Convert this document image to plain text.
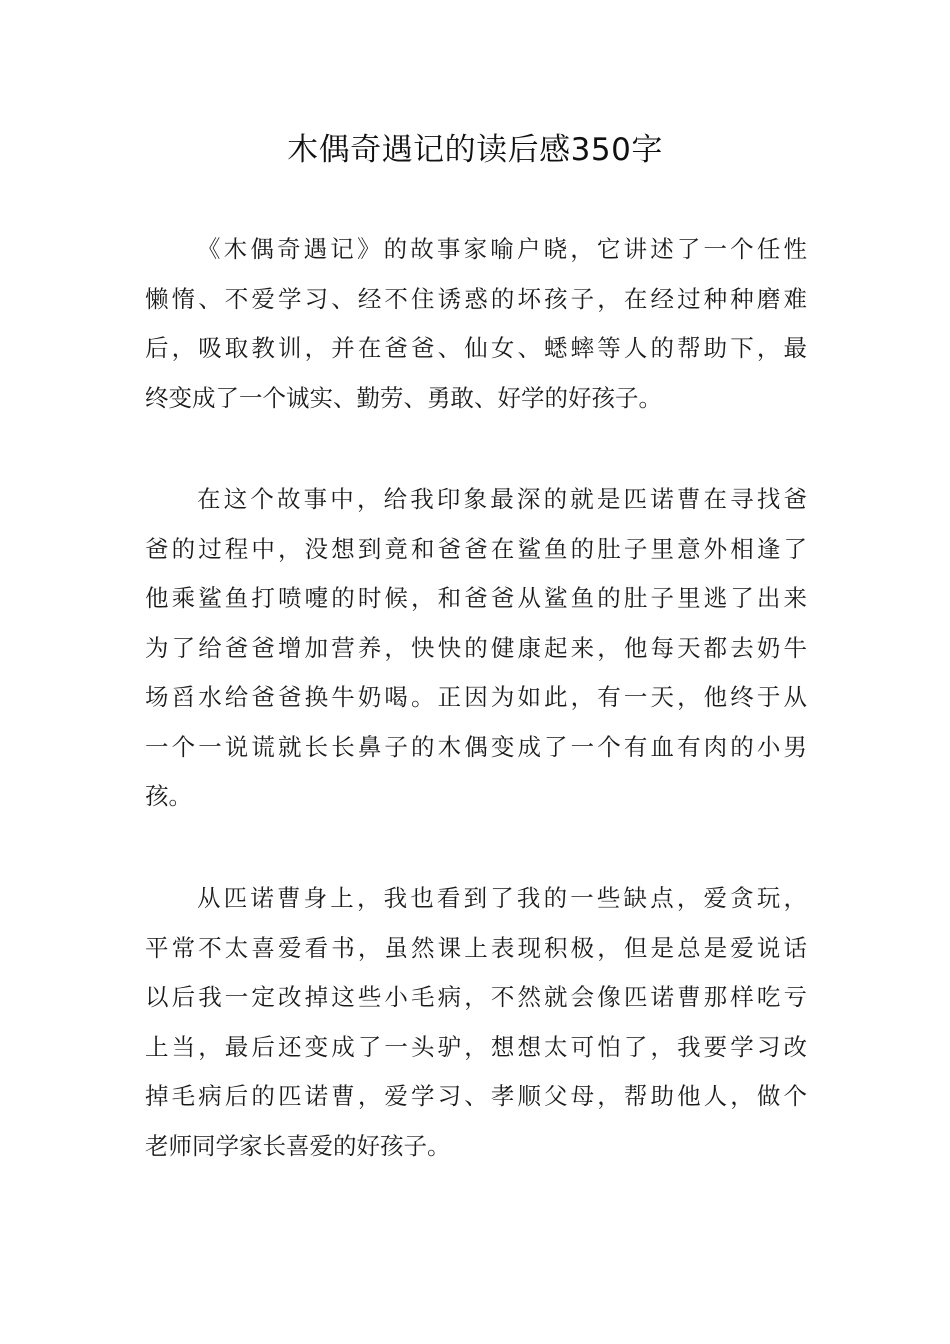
木偶奇遇记的读后感350字
《木偶奇遇记》的故事家喻户晓，它讲述了一个任性
懒惰、不爱学习、经不住诱惑的坏孩子，在经过种种磨难
后，吸取教训，并在爸爸、仙女、蟋蟀等人的帮助下，最
终变成了一个诚实、勤劳、勇敢、好学的好孩子。
在这个故事中，给我印象最深的就是匹诺曹在寻找爸
爸的过程中，没想到竟和爸爸在鲨鱼的肚子里意外相逢了
他乘鲨鱼打喷嚏的时候，和爸爸从鲨鱼的肚子里逃了出来
为了给爸爸增加营养，快快的健康起来，他每天都去奶牛
场舀水给爸爸换牛奶喝。正因为如此，有一天，他终于从
一个一说谎就长长鼻子的木偶变成了一个有血有肉的小男
孩。
从匹诺曹身上，我也看到了我的一些缺点，爱贪玩，
平常不太喜爱看书，虽然课上表现积极，但是总是爱说话
以后我一定改掉这些小毛病，不然就会像匹诺曹那样吃亏
上当，最后还变成了一头驴，想想太可怕了，我要学习改
掉毛病后的匹诺曹，爱学习、孝顺父母，帮助他人，做个
老师同学家长喜爱的好孩子。
